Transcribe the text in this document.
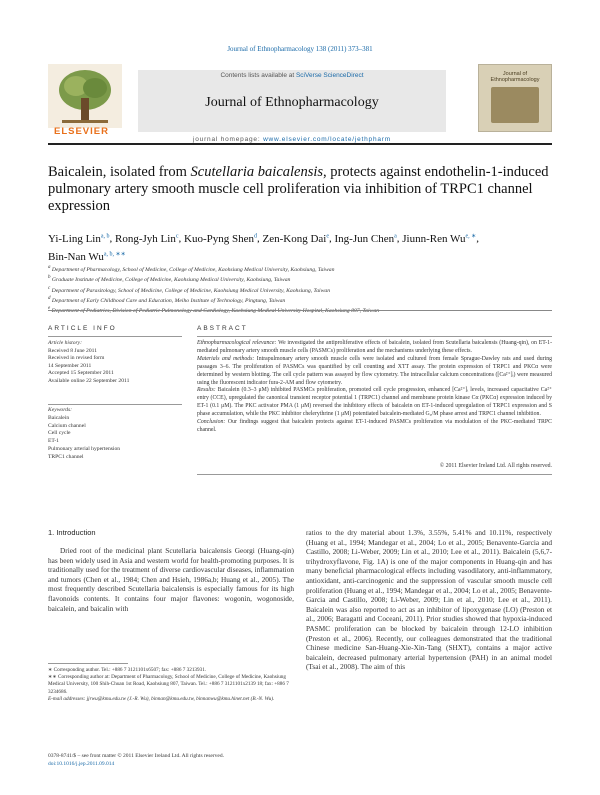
Journal of Ethnopharmacology 138 (2011) 373–381
ELSEVIER
Contents lists available at SciVerse ScienceDirect
Journal of Ethnopharmacology
journal homepage: www.elsevier.com/locate/jethpharm
Journal of Ethnopharmacology
Baicalein, isolated from Scutellaria baicalensis, protects against endothelin-1-induced pulmonary artery smooth muscle cell proliferation via inhibition of TRPC1 channel expression
Yi-Ling Lin$^{a, b}$, Rong-Jyh Lin$^c$, Kuo-Pyng Shen$^d$, Zen-Kong Dai$^e$, Ing-Jun Chen$^a$, Jiunn-Ren $Wu^{e, ∗}$,
Bin-Nan $Wu^{a, b, ∗∗}$
$^a$ Department of Pharmacology, School of Medicine, College of Medicine, Kaohsiung Medical University, Kaohsiung, Taiwan
$^b$ Graduate Institute of Medicine, College of Medicine, Kaohsiung Medical University, Kaohsiung, Taiwan
$^c$ Department of Parasitology, School of Medicine, College of Medicine, Kaohsiung Medical University, Kaohsiung, Taiwan
$^d$ Department of Early Childhood Care and Education, Meiho Institute of Technology, Pingtung, Taiwan
$^e$ Department of Pediatrics, Division of Pediatric Pulmonology and Cardiology, Kaohsiung Medical University Hospital, Kaohsiung 807, Taiwan
ARTICLE INFO	ABSTRACT
Article history:
Received 8 June 2011
Received in revised form
14 September 2011
Accepted 15 September 2011
Available online 22 September 2011
Keywords:
Baicalein
Calcium channel
Cell cycle
ET-1
Pulmonary arterial hypertension
TRPC1 channel

Ethnopharmacological relevance: We investigated the antiproliferative effects of baicalein, isolated from Scutellaria baicalensis (Huang-qin), on ET-1-mediated pulmonary artery smooth muscle cells (PASMCs) proliferation and the mechanisms underlying these effects.

Materials and methods: Intrapulmonary artery smooth muscle cells were isolated and cultured from female Sprague-Dawley rats and used during passages 3–6. The proliferation of PASMCs was quantified by cell counting and XTT assay. The protein expression of TRPC1 and PKCα were determined by western blotting. The cell cycle pattern was assayed by flow cytometry. The intracellular calcium concentrations ([Ca²⁺]ᵢ) were measured using the fluorescent indicator fura-2-AM and flow cytometry.

Results: Baicalein (0.3–3 μM) inhibited PASMCs proliferation, promoted cell cycle progression, enhanced [Ca²⁺]ᵢ levels, increased capacitative Ca²⁺ entry (CCE), upregulated the canonical transient receptor potential 1 (TRPC1) channel and membrane protein kinase Cα (PKCα) expression induced by ET-1 (0.1 μM). The PKC activator PMA (1 μM) reversed the inhibitory effects of baicalein on ET-1-induced upregulation of TRPC1 expression and S phase accumulation, while the PKC inhibitor chelerythrine (1 μM) potentiated baicalein-mediated G₀/M phase arrest and TRPC1 channel inhibition.

Conclusion: Our findings suggest that baicalein protects against ET-1-induced PASMCs proliferation via modulation of the PKC-mediated TRPC channel.

© 2011 Elsevier Ireland Ltd. All rights reserved.
1. Introduction
Dried root of the medicinal plant Scutellaria baicalensis Georgi (Huang-qin) has been widely used in Asia and western world for health-promoting purposes. It is traditionally used for the treatment of diverse cardiovascular diseases, inflammation and tumors (Chen et al., 1984; Chen and Hsieh, 1986a,b; Huang et al., 2005). The most frequently described Scutellaria baicalensis is especially famous for its high flavonoids contents. It contains four major flavones: wogonin, wogonoside, baicalein, and baicalin with
ratios to the dry material about 1.3%, 3.55%, 5.41% and 10.11%, respectively (Huang et al., 1994; Mandegar et al., 2004; Lo et al., 2005; Benavente-Garcia and Castillo, 2008; Li-Weber, 2009; Lin et al., 2010; Lee et al., 2011). Baicalein (5,6,7-trihydroxyflavone, Fig. 1A) is one of the major components in Huang-qin and has many beneficial pharmacological effects including vasodilatory, anti-inflammatory, antioxidant, anti-carcinogenic and the suppression of vascular smooth muscle cell proliferation (Huang et al., 1994; Mandegar et al., 2004; Lo et al., 2005; Benavente-Garcia and Castillo, 2008; Li-Weber, 2009; Lin et al., 2010; Lee et al., 2011). Baicalein was also reported to act as an inhibitor of lipoxygenase (LO) (Preston et al., 2006; Baragatti and Coceani, 2011). Prior studies showed that hypoxia-induced PASMC proliferation can be blocked by baicalein through 12-LO inhibition (Preston et al., 2006). Recently, our colleagues demonstrated that the traditional Chinese medicine San-Huang-Xie-Xin-Tang (SHXT), contains a major active baicalein, decreased pulmonary arterial hypertension (PAH) in an animal model (Tsai et al., 2008). The aim of this
∗ Corresponding author. Tel.: +886 7 3121101x6507; fax: +886 7 3213931.
∗∗ Corresponding author at: Department of Pharmacology, School of Medicine, College of Medicine, Kaohsiung Medical University, 100 Shih-Chuan 1st Road, Kaohsiung 807, Taiwan. Tel.: +886 7 3121101x2139 18; fax: +886 7 3234686.
E-mail addresses: jjrwu@kmu.edu.tw (J.-R. Wu), binnan@kmu.edu.tw, binnanwu@kmu.hinet.net (B.-N. Wu).
0378-8741/$ – see front matter © 2011 Elsevier Ireland Ltd. All rights reserved.
doi:10.1016/j.jep.2011.09.014
